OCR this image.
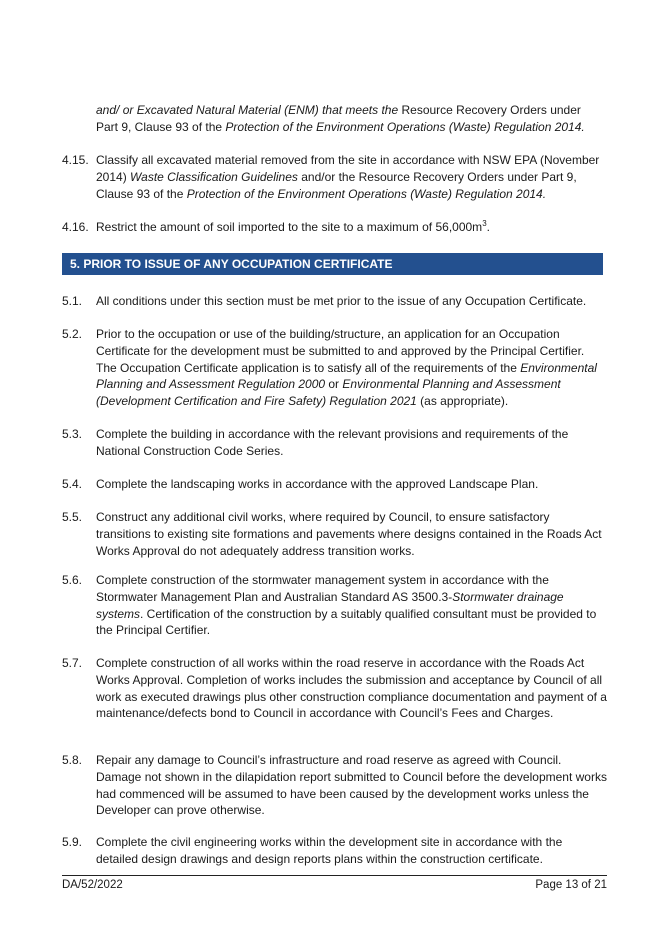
and/ or Excavated Natural Material (ENM) that meets the Resource Recovery Orders under
Part 9, Clause 93 of the Protection of the Environment Operations (Waste) Regulation 2014.
4.15. Classify all excavated material removed from the site in accordance with NSW EPA (November 2014) Waste Classification Guidelines and/or the Resource Recovery Orders under Part 9, Clause 93 of the Protection of the Environment Operations (Waste) Regulation 2014.
4.16. Restrict the amount of soil imported to the site to a maximum of $56,000m^3$.
5. PRIOR TO ISSUE OF ANY OCCUPATION CERTIFICATE
5.1.	All conditions under this section must be met prior to the issue of any Occupation Certificate.
5.2.	Prior to the occupation or use of the building/structure, an application for an Occupation Certificate for the development must be submitted to and approved by the Principal Certifier. The Occupation Certificate application is to satisfy all of the requirements of the Environmental Planning and Assessment Regulation 2000 or Environmental Planning and Assessment (Development Certification and Fire Safety) Regulation 2021 (as appropriate).
5.3.	Complete the building in accordance with the relevant provisions and requirements of the National Construction Code Series.
5.4.	Complete the landscaping works in accordance with the approved Landscape Plan.
5.5.	Construct any additional civil works, where required by Council, to ensure satisfactory transitions to existing site formations and pavements where designs contained in the Roads Act Works Approval do not adequately address transition works.
5.6.	Complete construction of the stormwater management system in accordance with the Stormwater Management Plan and Australian Standard AS 3500.3-Stormwater drainage systems. Certification of the construction by a suitably qualified consultant must be provided to the Principal Certifier.
5.7.	Complete construction of all works within the road reserve in accordance with the Roads Act Works Approval. Completion of works includes the submission and acceptance by Council of all work as executed drawings plus other construction compliance documentation and payment of a maintenance/defects bond to Council in accordance with Council’s Fees and Charges.
5.8.	Repair any damage to Council’s infrastructure and road reserve as agreed with Council. Damage not shown in the dilapidation report submitted to Council before the development works had commenced will be assumed to have been caused by the development works unless the Developer can prove otherwise.
5.9.	Complete the civil engineering works within the development site in accordance with the detailed design drawings and design reports plans within the construction certificate.
DA/52/2022	Page 13 of 21
